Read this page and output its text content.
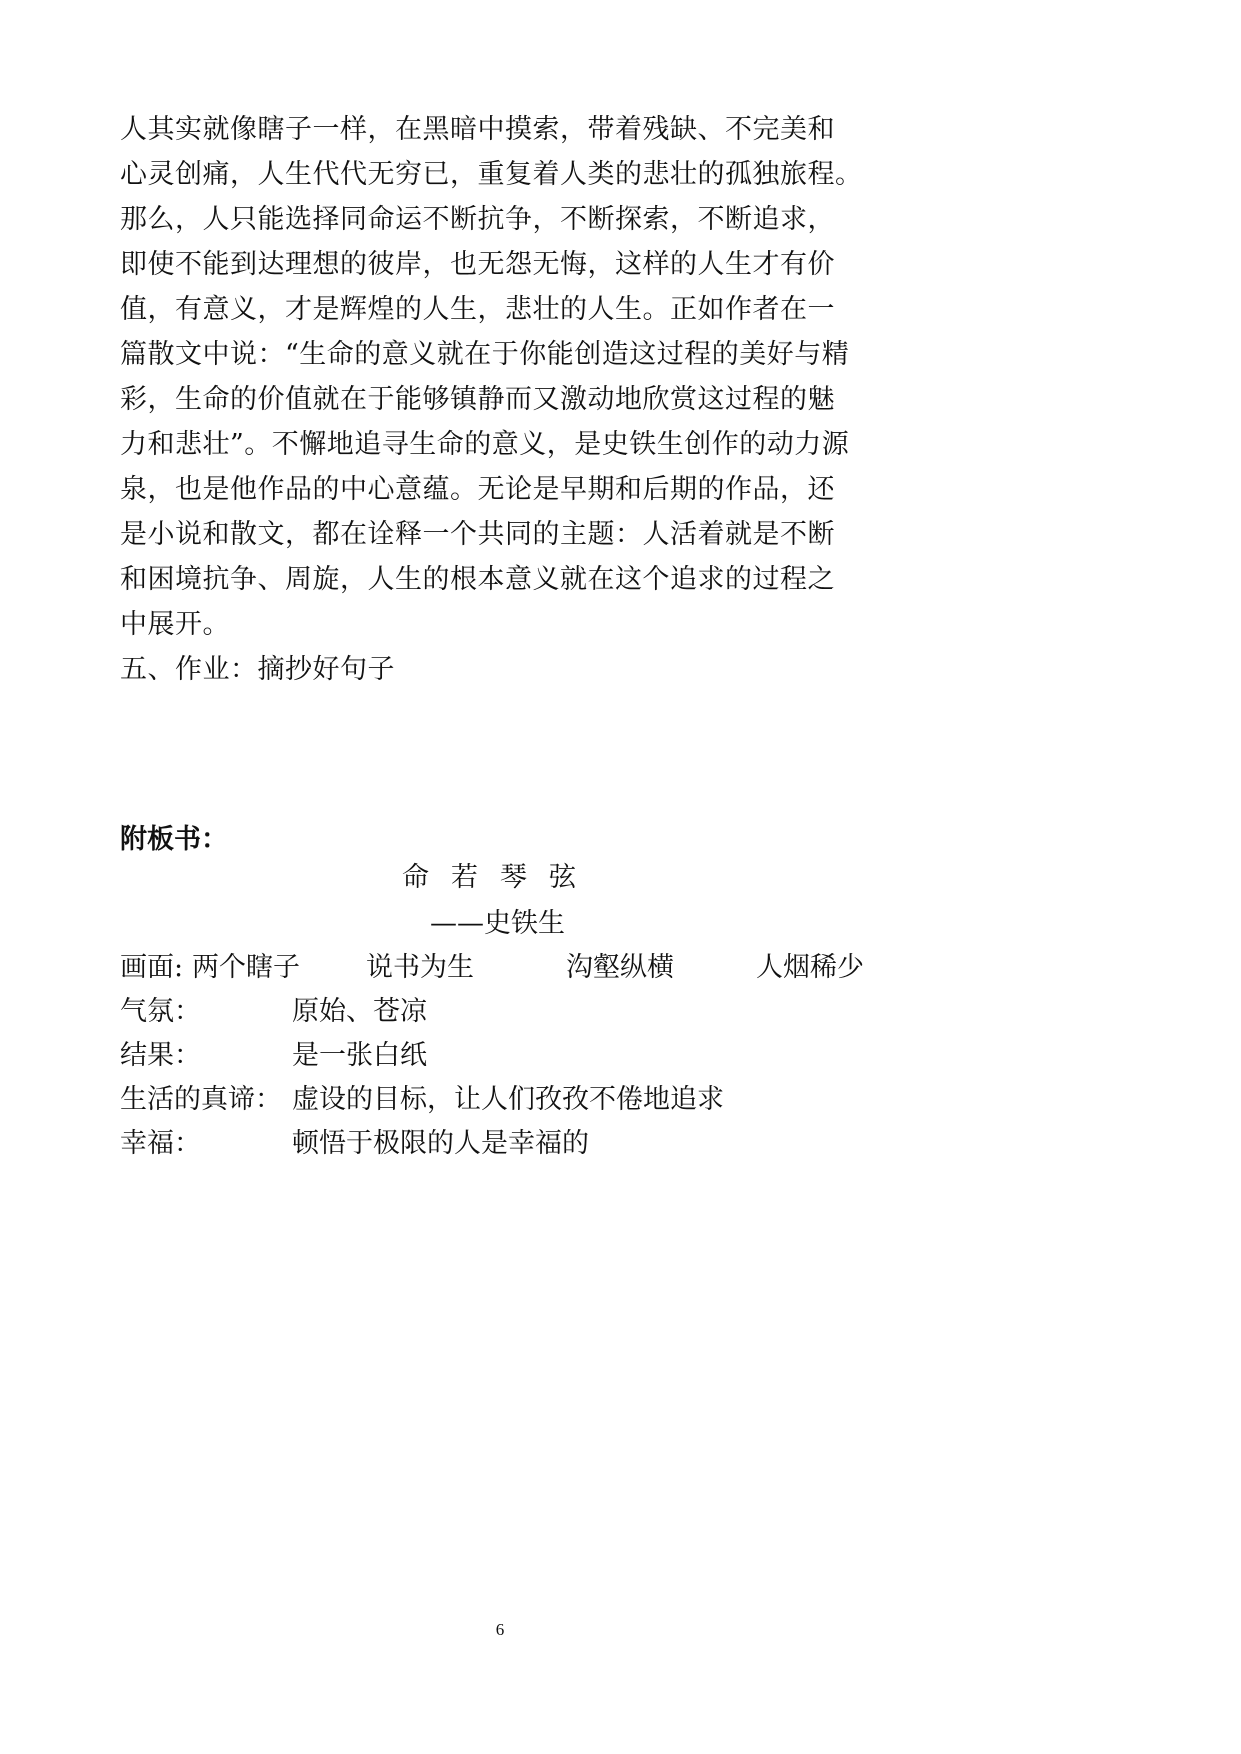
人其实就像瞎子一样，在黑暗中摸索，带着残缺、不完美和
心灵创痛，人生代代无穷已，重复着人类的悲壮的孤独旅程。
那么，人只能选择同命运不断抗争，不断探索，不断追求，
即使不能到达理想的彼岸，也无怨无悔，这样的人生才有价
值，有意义，才是辉煌的人生，悲壮的人生。正如作者在一
篇散文中说：“生命的意义就在于你能创造这过程的美好与精
彩，生命的价值就在于能够镇静而又激动地欣赏这过程的魅
力和悲壮”。不懈地追寻生命的意义，是史铁生创作的动力源
泉，也是他作品的中心意蕴。无论是早期和后期的作品，还
是小说和散文，都在诠释一个共同的主题：人活着就是不断
和困境抗争、周旋，人生的根本意义就在这个追求的过程之
中展开。
五、作业：摘抄好句子
附板书：
命若琴弦
——史铁生
画面: 两个瞎子 说书为生	沟壑纵横	人烟稀少
气氛：	原始、苍凉
结果：	是一张白纸
生活的真谛： 虚设的目标，让人们孜孜不倦地追求
幸福：	顿悟于极限的人是幸福的
6
